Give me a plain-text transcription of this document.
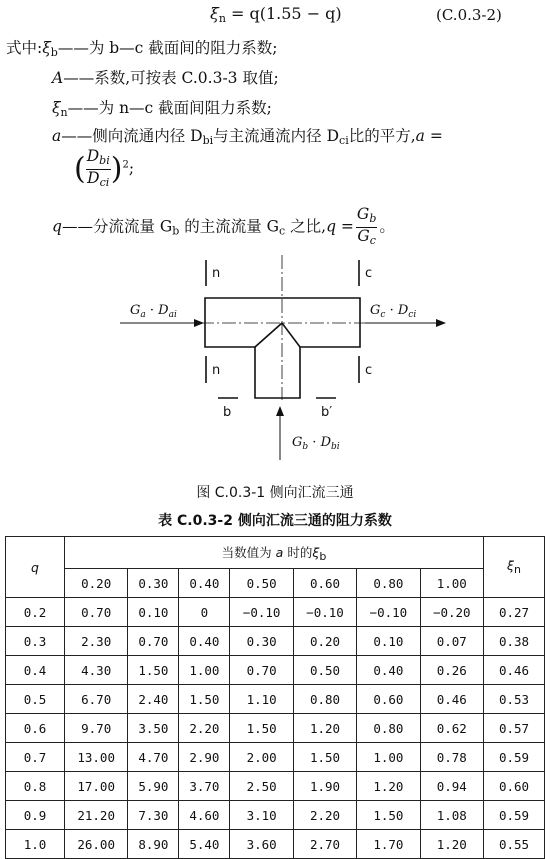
$\xi_n = q(1.55 - q)$	(C.0.3-2)
式中$:\xi_b——$为 b—c 截面间的阻力系数;
A——系数,可按表 C.0.3-3 取值;
$\xi_n——$为 n—c 截面间阻力系数;
a——侧向流通内径 $D_{bi}$与主流通流内径 $D_{ci}$比的平方,a =
( $\frac{D_{bi}}{D_{ci}} )^2$;
q——分流流量 $G_b$ 的主流流量 $G_c$ 之比$,q = \frac{G_b}{G_c}$ 。
n	c
n	c
b	b′
$G_a \cdot D_{ai}$	$G_c \cdot D_{ci}$
$G_b \cdot D_{bi}$
图 C.0.3-1 侧向汇流三通
表 C.0.3-2 侧向汇流三通的阻力系数
q	当数值为 a 时的ξb							ξn
	0.20	0.30	0.40	0.50	0.60	0.80	1.00	
0.2	0.70	0.10	0	−0.10	−0.10	−0.10	−0.20	0.27
0.3	2.30	0.70	0.40	0.30	0.20	0.10	0.07	0.38
0.4	4.30	1.50	1.00	0.70	0.50	0.40	0.26	0.46
0.5	6.70	2.40	1.50	1.10	0.80	0.60	0.46	0.53
0.6	9.70	3.50	2.20	1.50	1.20	0.80	0.62	0.57
0.7	13.00	4.70	2.90	2.00	1.50	1.00	0.78	0.59
0.8	17.00	5.90	3.70	2.50	1.90	1.20	0.94	0.60
0.9	21.20	7.30	4.60	3.10	2.20	1.50	1.08	0.59
1.0	26.00	8.90	5.40	3.60	2.70	1.70	1.20	0.55
